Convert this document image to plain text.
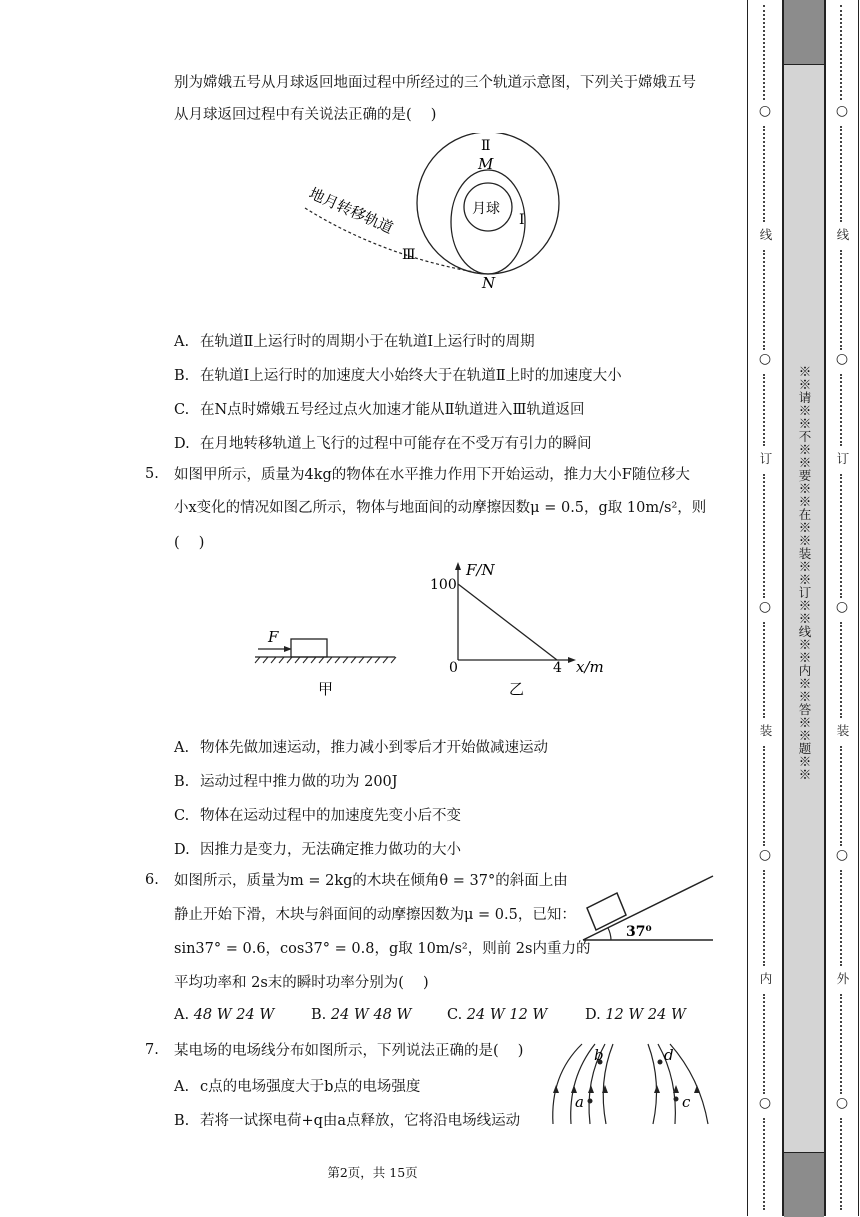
别为嫦娥五号从月球返回地面过程中所经过的三个轨道示意图，下列关于嫦娥五号
从月球返回过程中有关说法正确的是(　 )
Ⅱ
M
月球
Ⅰ
地月转移轨道
Ⅲ
N
A. 在轨道Ⅱ上运行时的周期小于在轨道Ⅰ上运行时的周期
B. 在轨道Ⅰ上运行时的加速度大小始终大于在轨道Ⅱ上时的加速度大小
C. 在N点时嫦娥五号经过点火加速才能从Ⅱ轨道进入Ⅲ轨道返回
D. 在月地转移轨道上飞行的过程中可能存在不受万有引力的瞬间
5. 如图甲所示，质量为4kg的物体在水平推力作用下开始运动，推力大小F随位移大
小x变化的情况如图乙所示，物体与地面间的动摩擦因数μ = 0.5，g取 10m/s²，则
(　 )
F
甲
F/N
100
0	4 x/m
乙
A. 物体先做加速运动，推力减小到零后才开始做减速运动
B. 运动过程中推力做的功为 200J
C. 物体在运动过程中的加速度先变小后不变
D. 因推力是变力，无法确定推力做功的大小
6. 如图所示，质量为m = 2kg的木块在倾角θ = 37°的斜面上由
静止开始下滑，木块与斜面间的动摩擦因数为μ = 0.5，已知：
sin37° = 0.6，cos37° = 0.8，g取 10m/s²，则前 2s内重力的
平均功率和 2s末的瞬时功率分别为(　 )
37⁰
A. 48 W 24 W	B. 24 W 48 W C. 24 W 12 W	D. 12 W 24 W
7. 某电场的电场线分布如图所示，下列说法正确的是(　 )
A. c点的电场强度大于b点的电场强度
B. 若将一试探电荷+q由a点释放，它将沿电场线运动
a
b
c
d
第2页，共 15页
○
线
○
订
○
装
○
内
○
※※请※※不※※要※※在※※装※※订※※线※※内※※答※※题※※
○
线
○
订
○
装
○
外
○
